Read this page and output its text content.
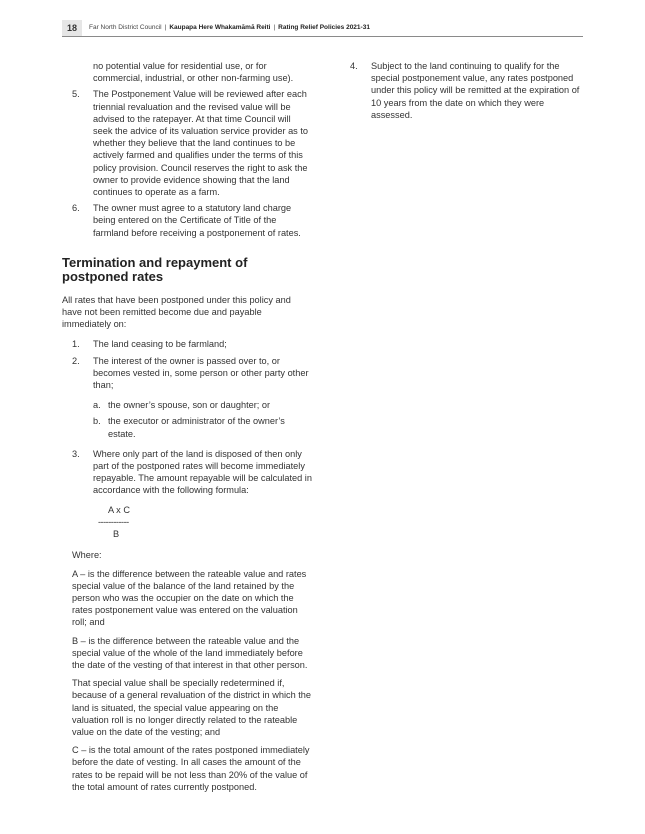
18	Far North District Council | Kaupapa Here Whakamāmā Reiti | Rating Relief Policies 2021-31

no potential value for residential use, or for commercial, industrial, or other non-farming use).

5. The Postponement Value will be reviewed after each triennial revaluation and the revised value will be advised to the ratepayer. At that time Council will seek the advice of its valuation service provider as to whether they believe that the land continues to be actively farmed and qualifies under the terms of this policy provision. Council reserves the right to ask the owner to provide evidence showing that the land continues to operate as a farm.

6. The owner must agree to a statutory land charge being entered on the Certificate of Title of the farmland before receiving a postponement of rates.

Termination and repayment of postponed rates

All rates that have been postponed under this policy and have not been remitted become due and payable immediately on:

1. The land ceasing to be farmland;

2. The interest of the owner is passed over to, or becomes vested in, some person or other party other than;

a. the owner’s spouse, son or daughter; or

b. the executor or administrator of the owner’s estate.

3. Where only part of the land is disposed of then only part of the postponed rates will become immediately repayable. The amount repayable will be calculated in accordance with the following formula:

A x C
------------
B

Where:

A – is the difference between the rateable value and rates special value of the balance of the land retained by the person who was the occupier on the date on which the rates postponement value was entered on the valuation roll; and

B – is the difference between the rateable value and the special value of the whole of the land immediately before the date of the vesting of that interest in that other person.

That special value shall be specially redetermined if, because of a general revaluation of the district in which the land is situated, the special value appearing on the valuation roll is no longer directly related to the rateable value on the date of the vesting; and

C – is the total amount of the rates postponed immediately before the date of vesting. In all cases the amount of the rates to be repaid will be not less than 20% of the value of the total amount of rates currently postponed.

4. Subject to the land continuing to qualify for the special postponement value, any rates postponed under this policy will be remitted at the expiration of 10 years from the date on which they were assessed.
